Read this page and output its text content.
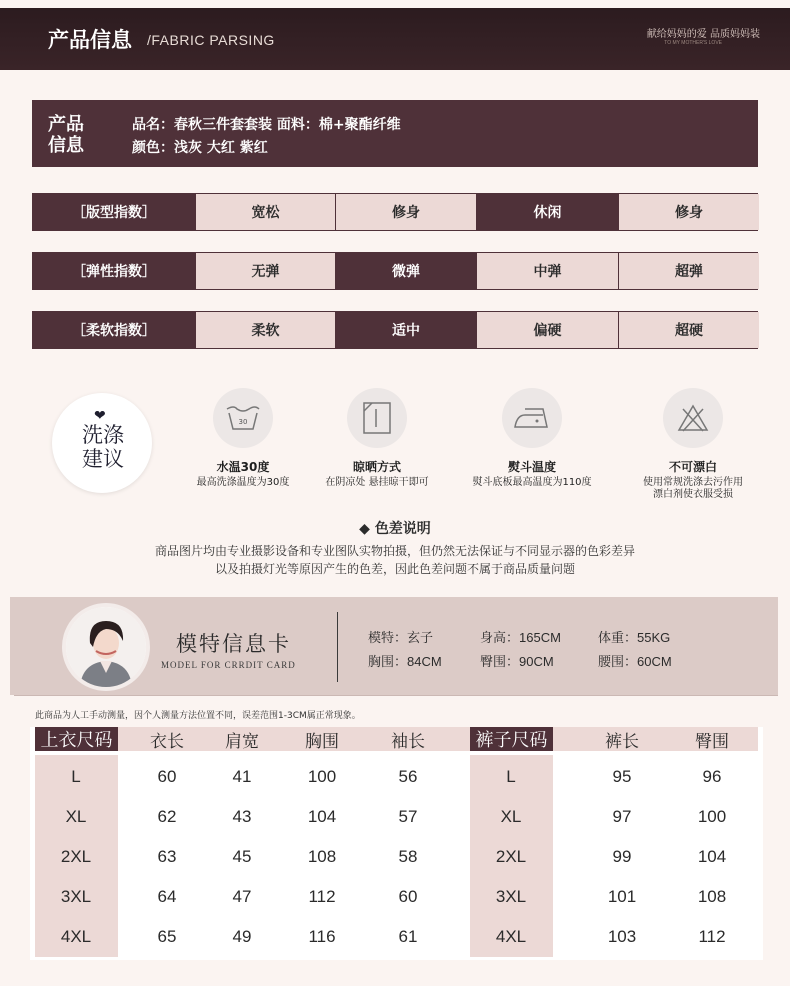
产品信息 /FABRIC PARSING	献给妈妈的爱 品质妈妈装
TO MY MOTHER'S LOVE
产品
信息
品名：春秋三件套套装 面料：棉+聚酯纤维
颜色：浅灰 大红 紫红
［版型指数］	宽松	修身	休闲	修身
［弹性指数］	无弹	微弹	中弹	超弹
［柔软指数］	柔软	适中	偏硬	超硬
❤
洗涤
建议
30
水温30度
最高洗涤温度为30度
晾晒方式
在阴凉处 悬挂晾干即可
熨斗温度
熨斗底板最高温度为110度
不可漂白
使用常规洗涤去污作用
漂白剂使衣服受损
◆ 色差说明
商品图片均由专业摄影设备和专业图队实物拍摄，但仍然无法保证与不同显示器的色彩差异
以及拍摄灯光等原因产生的色差，因此色差问题不属于商品质量问题
模特信息卡
MODEL FOR CRRDIT CARD
模特：玄子	身高：165CM	体重：55KG
胸围：84CM	臀围：90CM	腰围：60CM
此商品为人工手动测量，因个人测量方法位置不同，误差范围1-3CM属正常现象。
上衣尺码	裤子尺码
衣长	肩宽	胸围	袖长	裤长	臀围
L	60	41	100	56
XL	62	43	104	57
2XL	63	45	108	58
3XL	64	47	112	60
4XL	65	49	116	61
L	95	96
XL	97	100
2XL	99	104
3XL	101	108
4XL	103	112
